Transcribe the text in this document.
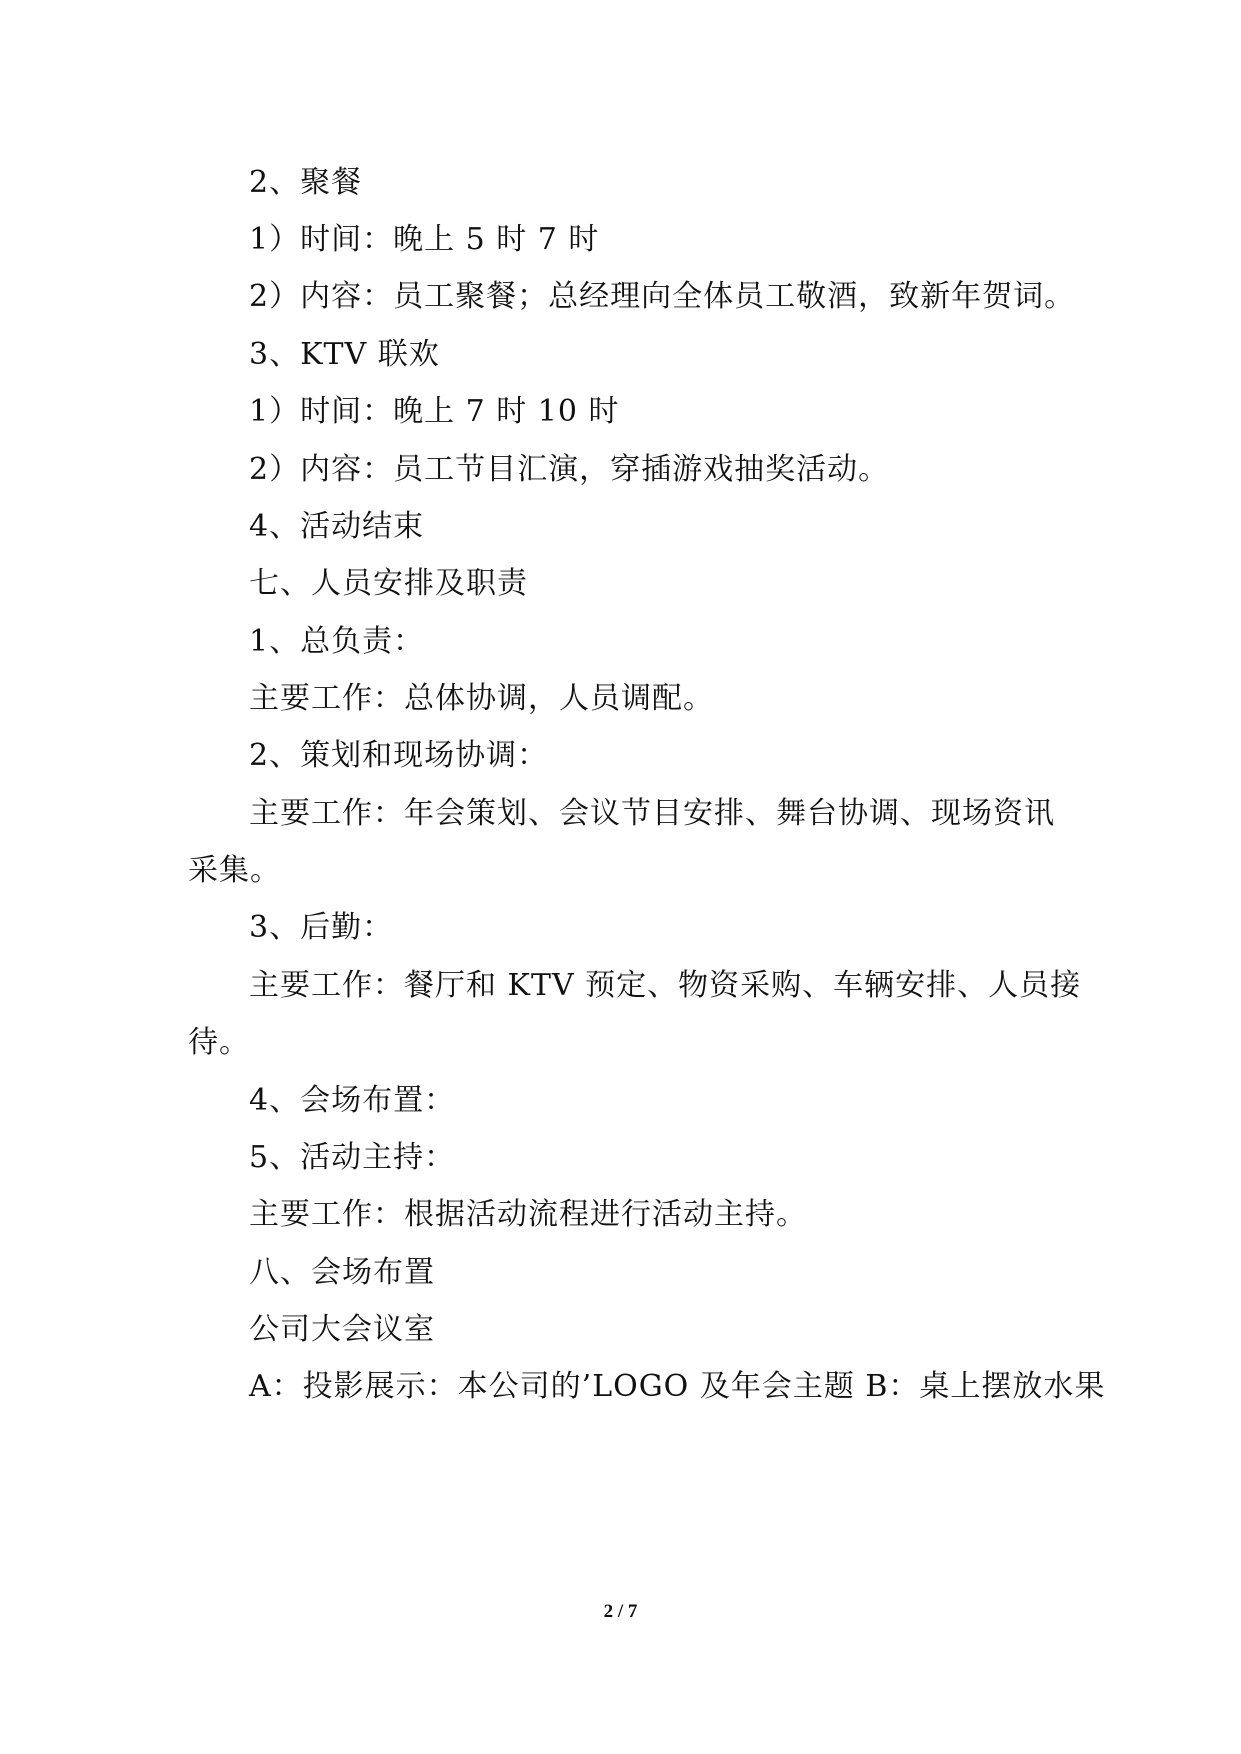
2、聚餐
1）时间：晚上 5 时 7 时
2）内容：员工聚餐；总经理向全体员工敬酒，致新年贺词。
3、KTV 联欢
1）时间：晚上 7 时 10 时
2）内容：员工节目汇演，穿插游戏抽奖活动。
4、活动结束
七、人员安排及职责
1、总负责：
主要工作：总体协调，人员调配。
2、策划和现场协调：
主要工作：年会策划、会议节目安排、舞台协调、现场资讯
采集。
3、后勤：
主要工作：餐厅和 KTV 预定、物资采购、车辆安排、人员接
待。
4、会场布置：
5、活动主持：
主要工作：根据活动流程进行活动主持。
八、会场布置
公司大会议室
A：投影展示：本公司的’LOGO 及年会主题 B：桌上摆放水果
2 / 7
